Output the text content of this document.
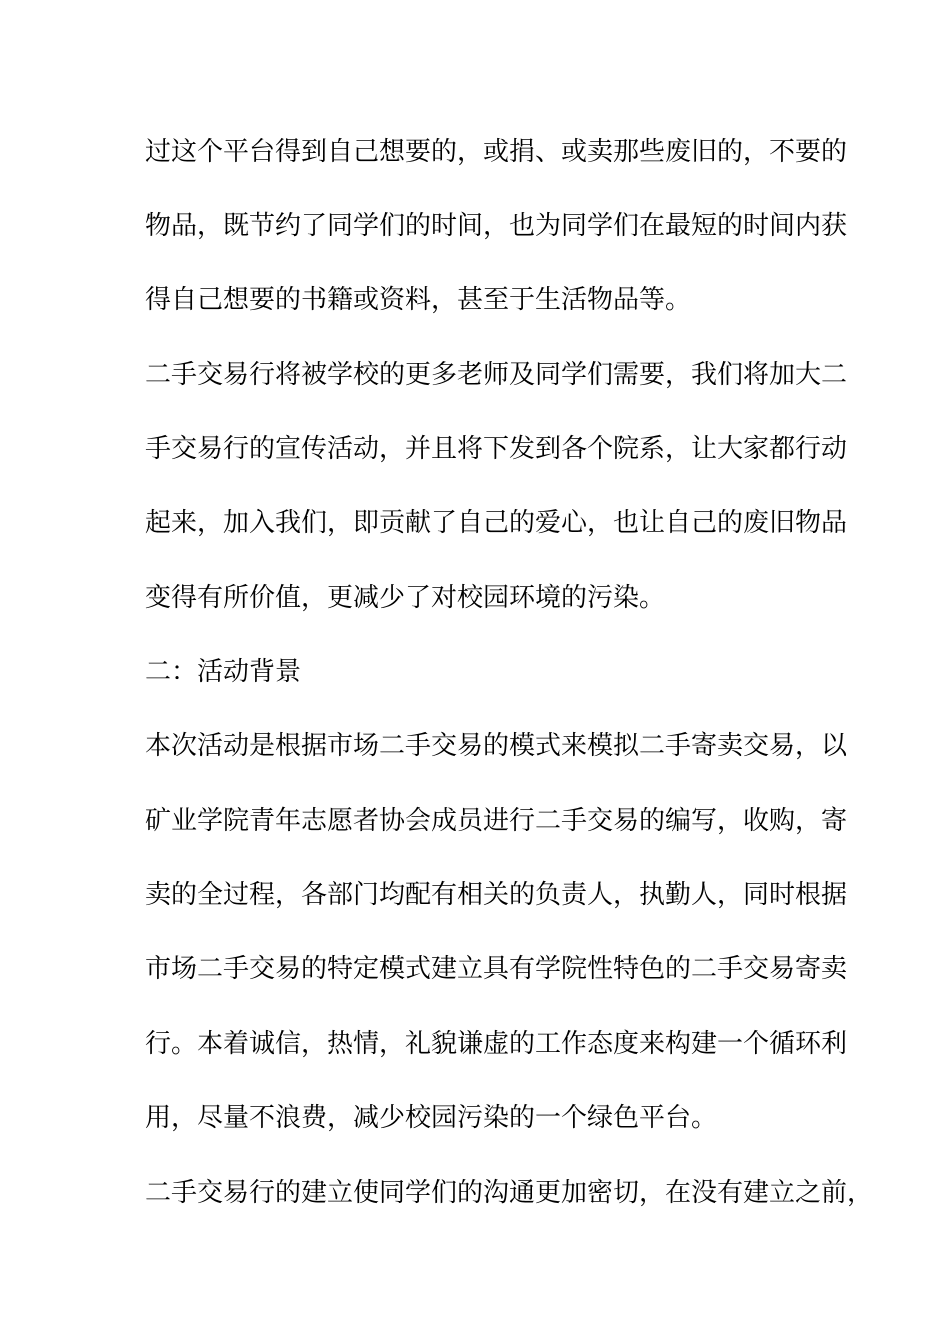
过这个平台得到自己想要的，或捐、或卖那些废旧的，不要的
物品，既节约了同学们的时间，也为同学们在最短的时间内获
得自己想要的书籍或资料，甚至于生活物品等。
二手交易行将被学校的更多老师及同学们需要，我们将加大二
手交易行的宣传活动，并且将下发到各个院系，让大家都行动
起来，加入我们，即贡献了自己的爱心，也让自己的废旧物品
变得有所价值，更减少了对校园环境的污染。
二：活动背景
本次活动是根据市场二手交易的模式来模拟二手寄卖交易，以
矿业学院青年志愿者协会成员进行二手交易的编写，收购，寄
卖的全过程，各部门均配有相关的负责人，执勤人，同时根据
市场二手交易的特定模式建立具有学院性特色的二手交易寄卖
行。本着诚信，热情，礼貌谦虚的工作态度来构建一个循环利
用，尽量不浪费，减少校园污染的一个绿色平台。
二手交易行的建立使同学们的沟通更加密切，在没有建立之前，
